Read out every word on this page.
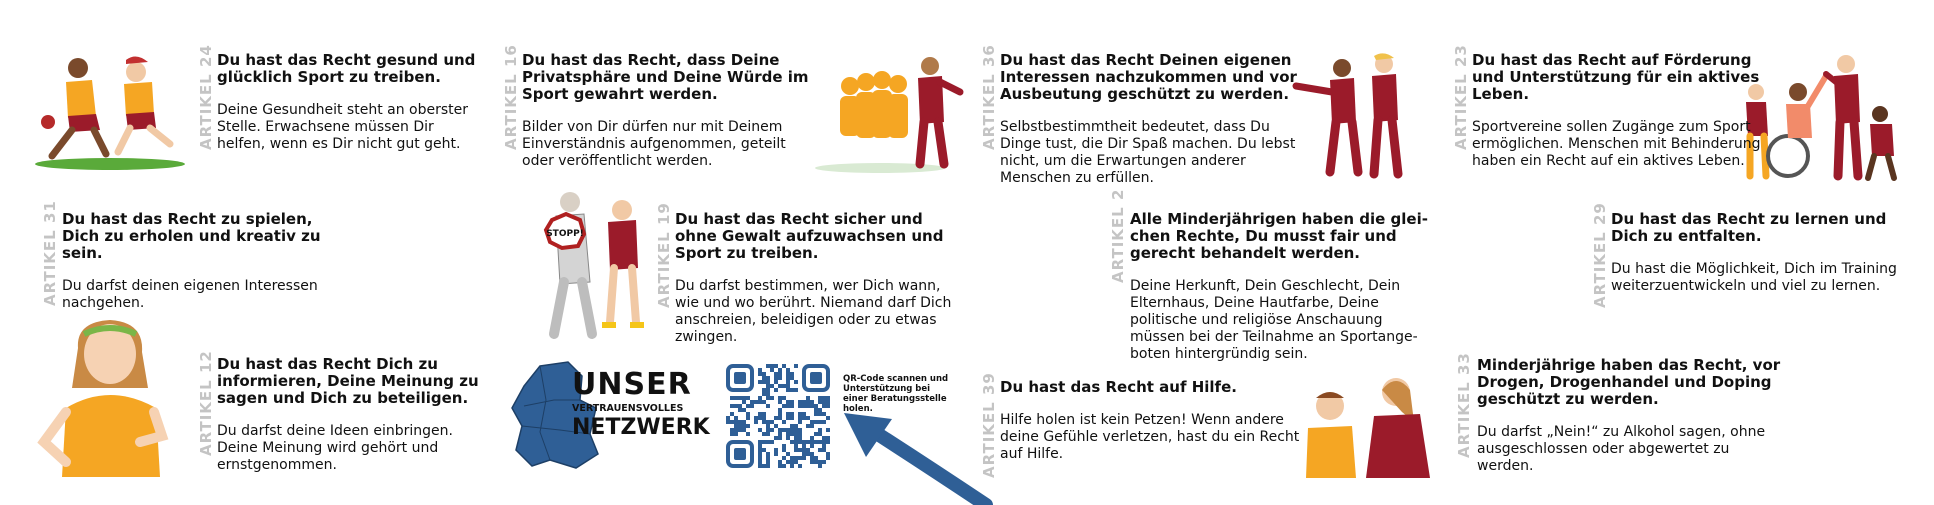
STOPP!
ARTIKEL 24 Du hast das Recht gesund und glücklich Sport zu treiben.

Deine Gesundheit steht an oberster Stelle. Erwachsene müssen Dir helfen, wenn es Dir nicht gut geht.	ARTIKEL 16 Du hast das Recht, dass Deine Privatsphäre und Deine Würde im Sport gewahrt werden.

Bilder von Dir dürfen nur mit Deinem Einverständnis aufgenommen, geteilt oder veröffentlicht werden.

ARTIKEL 36 Du hast das Recht Deinen eigenen Interessen nachzukommen und vor Ausbeutung geschützt zu werden.

Selbstbestimmtheit bedeutet, dass Du Dinge tust, die Dir Spaß machen. Du lebst nicht, um die Erwartungen anderer Menschen zu erfüllen.

ARTIKEL 23 Du hast das Recht auf Förderung und Unterstützung für ein aktives Leben.

Sportvereine sollen Zugänge zum Sport ermöglichen. Menschen mit Behinderung haben ein Recht auf ein aktives Leben.

ARTIKEL 31 Du hast das Recht zu spielen, Dich zu erholen und kreativ zu sein.

Du darfst deinen eigenen Interessen nachgehen.	ARTIKEL 19 Du hast das Recht sicher und ohne Gewalt aufzuwachsen und Sport zu treiben.

Du darfst bestimmen, wer Dich wann, wie und wo berührt. Niemand darf Dich anschreien, beleidigen oder zu etwas zwingen.

ARTIKEL 2 Alle Minderjährigen haben die glei-chen Rechte, Du musst fair und gerecht behandelt werden.

Deine Herkunft, Dein Geschlecht, Dein Elternhaus, Deine Hautfarbe, Deine politische und religiöse Anschauung müssen bei der Teilnahme an Sportange-boten hintergründig sein.

ARTIKEL 29 Du hast das Recht zu lernen und Dich zu entfalten.

Du hast die Möglichkeit, Dich im Training weiterzuentwickeln und viel zu lernen.

ARTIKEL 12 Du hast das Recht Dich zu informieren, Deine Meinung zu sagen und Dich zu beteiligen.

Du darfst deine Ideen einbringen. Deine Meinung wird gehört und ernstgenommen.	ARTIKEL 39 Du hast das Recht auf Hilfe.

Hilfe holen ist kein Petzen! Wenn andere deine Gefühle verletzen, hast du ein Recht auf Hilfe.	ARTIKEL 33 Minderjährige haben das Recht, vor Drogen, Drogenhandel und Doping geschützt zu werden.

Du darfst „Nein!“ zu Alkohol sagen, ohne ausgeschlossen oder abgewertet zu werden.

UNSER
VERTRAUENSVOLLES
NETZWERK
QR-Code scannen und Unterstützung bei einer Beratungsstelle holen.
